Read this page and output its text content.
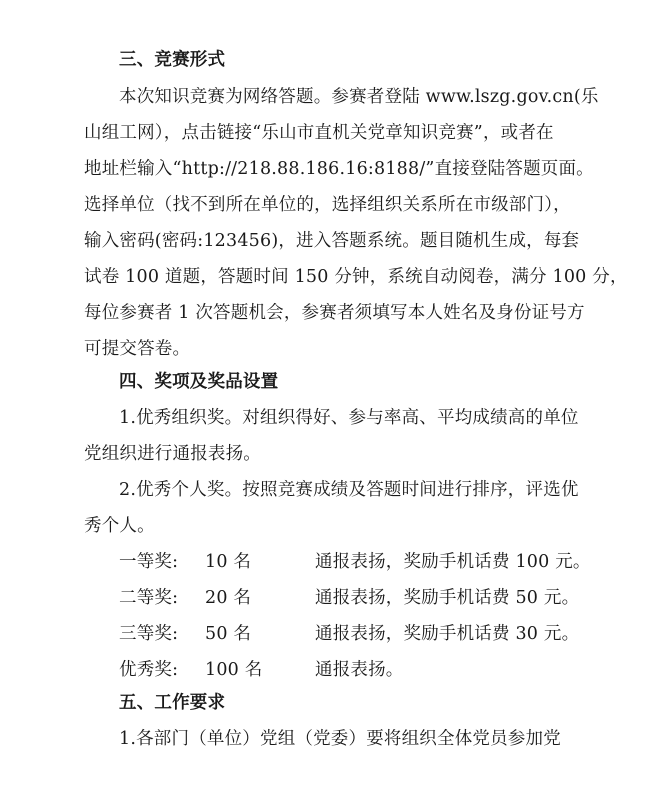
三、竞赛形式
本次知识竞赛为网络答题。参赛者登陆 www.lszg.gov.cn(乐
山组工网），点击链接“乐山市直机关党章知识竞赛”，或者在
地址栏输入“http://218.88.186.16:8188/”直接登陆答题页面。
选择单位（找不到所在单位的，选择组织关系所在市级部门），
输入密码(密码:123456)，进入答题系统。题目随机生成，每套
试卷 100 道题，答题时间 150 分钟，系统自动阅卷，满分 100 分，
每位参赛者 1 次答题机会，参赛者须填写本人姓名及身份证号方
可提交答卷。
四、奖项及奖品设置
1.优秀组织奖。对组织得好、参与率高、平均成绩高的单位
党组织进行通报表扬。
2.优秀个人奖。按照竞赛成绩及答题时间进行排序，评选优
秀个人。
一等奖: 10 名	通报表扬，奖励手机话费 100 元。
二等奖: 20 名	通报表扬，奖励手机话费 50 元。
三等奖: 50 名	通报表扬，奖励手机话费 30 元。
优秀奖: 100 名	通报表扬。
五、工作要求
1.各部门（单位）党组（党委）要将组织全体党员参加党
